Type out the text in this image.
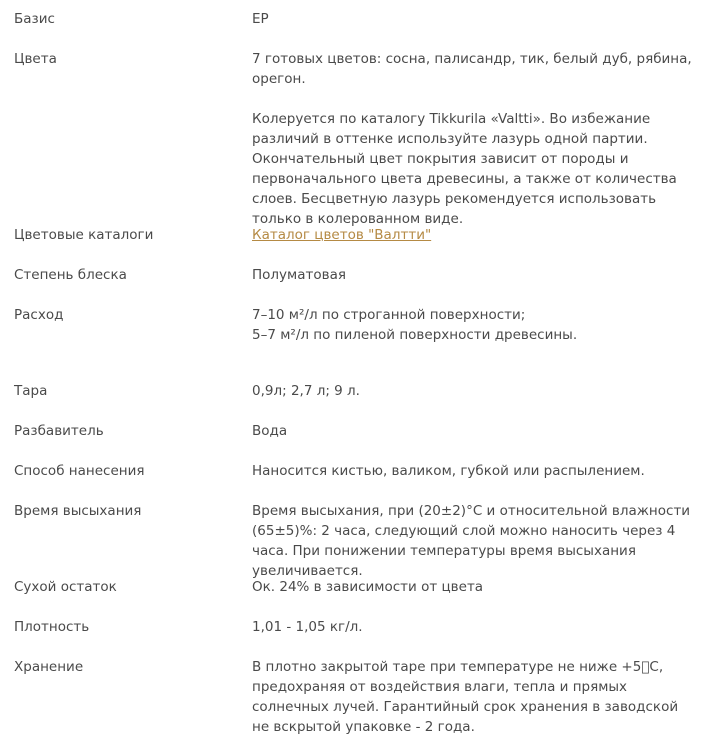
Базис	ЕР

Цвета	7 готовых цветов: сосна, палисандр, тик, белый дуб, рябина, орегон.

Колеруется по каталогу Tikkurila «Valtti». Во избежание различий в оттенке используйте лазурь одной партии. Окончательный цвет покрытия зависит от породы и первоначального цвета древесины, а также от количества слоев. Бесцветную лазурь рекомендуется использовать только в колерованном виде.

Цветовые каталоги	Каталог цветов "Валтти"
Степень блеска	Полуматовая

Расход	7–10 м²/л по строганной поверхности;

5–7 м²/л по пиленой поверхности древесины.

Тара	0,9л; 2,7 л; 9 л.

Разбавитель	Вода

Способ нанесения	Наносится кистью, валиком, губкой или распылением.

Время высыхания	Время высыхания, при (20±2)°C и относительной влажности (65±5)%: 2 часа, следующий слой можно наносить через 4 часа. При понижении температуры время высыхания увеличивается.

Сухой остаток	Ок. 24% в зависимости от цвета

Плотность	1,01 - 1,05 кг/л.

Хранение	В плотно закрытой таре при температуре не ниже +5⃞С, предохраняя от воздействия влаги, тепла и прямых солнечных лучей. Гарантийный срок хранения в заводской не вскрытой упаковке - 2 года.
